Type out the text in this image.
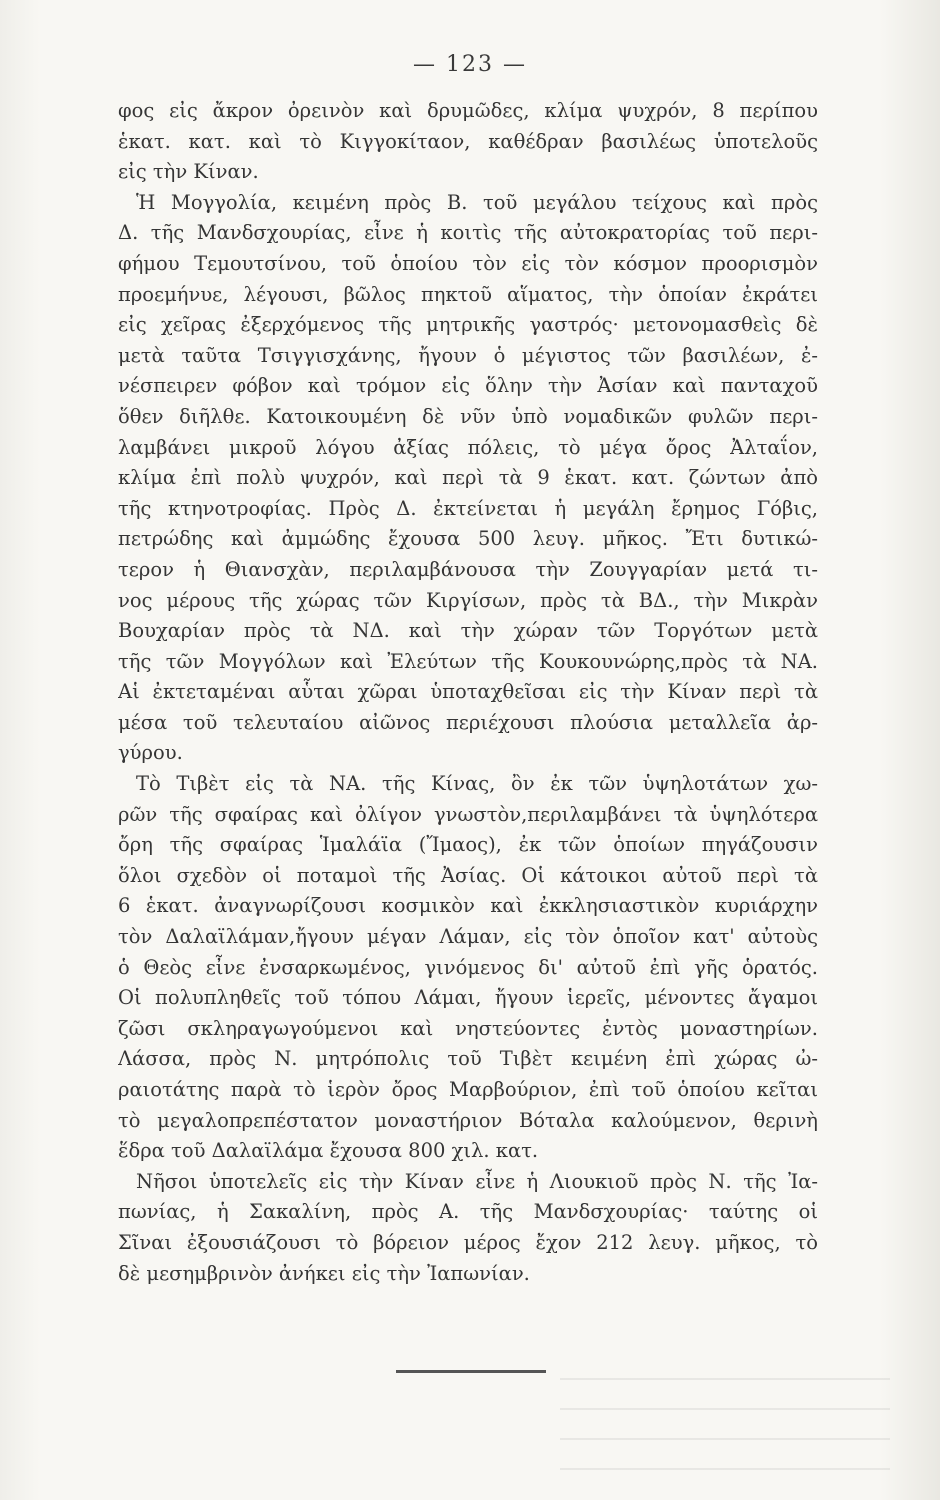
— 123 —
φος εἰς ἄκρον ὀρεινὸν καὶ δρυμῶδες, κλίμα ψυχρόν, 8 περίπου
ἑκατ. κατ. καὶ τὸ Κιγγοκίταον, καθέδραν βασιλέως ὑποτελοῦς
εἰς τὴν Κίναν.
Ἡ Μογγολία, κειμένη πρὸς Β. τοῦ μεγάλου τείχους καὶ πρὸς
Δ. τῆς Μανδσχουρίας, εἶνε ἡ κοιτὶς τῆς αὐτοκρατορίας τοῦ περι-
φήμου Τεμουτσίνου, τοῦ ὁποίου τὸν εἰς τὸν κόσμον προορισμὸν
προεμήνυε, λέγουσι, βῶλος πηκτοῦ αἵματος, τὴν ὁποίαν ἐκράτει
εἰς χεῖρας ἐξερχόμενος τῆς μητρικῆς γαστρός· μετονομασθεὶς δὲ
μετὰ ταῦτα Τσιγγισχάνης, ἤγουν ὁ μέγιστος τῶν βασιλέων, ἐ-
νέσπειρεν φόβον καὶ τρόμον εἰς ὅλην τὴν Ἀσίαν καὶ πανταχοῦ
ὅθεν διῆλθε. Κατοικουμένη δὲ νῦν ὑπὸ νομαδικῶν φυλῶν περι-
λαμβάνει μικροῦ λόγου ἀξίας πόλεις, τὸ μέγα ὄρος Ἀλταΐον,
κλίμα ἐπὶ πολὺ ψυχρόν, καὶ περὶ τὰ 9 ἑκατ. κατ. ζώντων ἀπὸ
τῆς κτηνοτροφίας. Πρὸς Δ. ἐκτείνεται ἡ μεγάλη ἔρημος Γόβις,
πετρώδης καὶ ἀμμώδης ἔχουσα 500 λευγ. μῆκος. Ἔτι δυτικώ-
τερον ἡ Θιανσχὰν, περιλαμβάνουσα τὴν Ζουγγαρίαν μετά τι-
νος μέρους τῆς χώρας τῶν Κιργίσων, πρὸς τὰ ΒΔ., τὴν Μικρὰν
Βουχαρίαν πρὸς τὰ ΝΔ. καὶ τὴν χώραν τῶν Τοργότων μετὰ
τῆς τῶν Μογγόλων καὶ Ἐλεύτων τῆς Κουκουνώρης,πρὸς τὰ ΝΑ.
Αἱ ἐκτεταμέναι αὗται χῶραι ὑποταχθεῖσαι εἰς τὴν Κίναν περὶ τὰ
μέσα τοῦ τελευταίου αἰῶνος περιέχουσι πλούσια μεταλλεῖα ἀρ-
γύρου.
Τὸ Τιβὲτ εἰς τὰ ΝΑ. τῆς Κίνας, ὂν ἐκ τῶν ὑψηλοτάτων χω-
ρῶν τῆς σφαίρας καὶ ὀλίγον γνωστὸν,περιλαμβάνει τὰ ὑψηλότερα
ὄρη τῆς σφαίρας Ἱμαλάϊα (Ἴμαος), ἐκ τῶν ὁποίων πηγάζουσιν
ὅλοι σχεδὸν οἱ ποταμοὶ τῆς Ἀσίας. Οἱ κάτοικοι αὐτοῦ περὶ τὰ
6 ἑκατ. ἀναγνωρίζουσι κοσμικὸν καὶ ἐκκλησιαστικὸν κυριάρχην
τὸν Δαλαϊλάμαν,ἤγουν μέγαν Λάμαν, εἰς τὸν ὁποῖον κατ' αὐτοὺς
ὁ Θεὸς εἶνε ἐνσαρκωμένος, γινόμενος δι' αὐτοῦ ἐπὶ γῆς ὁρατός.
Οἱ πολυπληθεῖς τοῦ τόπου Λάμαι, ἤγουν ἱερεῖς, μένοντες ἄγαμοι
ζῶσι σκληραγωγούμενοι καὶ νηστεύοντες ἐντὸς μοναστηρίων.
Λάσσα, πρὸς Ν. μητρόπολις τοῦ Τιβὲτ κειμένη ἐπὶ χώρας ὠ-
ραιοτάτης παρὰ τὸ ἱερὸν ὄρος Μαρβούριον, ἐπὶ τοῦ ὁποίου κεῖται
τὸ μεγαλοπρεπέστατον μοναστήριον Βόταλα καλούμενον, θερινὴ
ἕδρα τοῦ Δαλαϊλάμα ἔχουσα 800 χιλ. κατ.
Νῆσοι ὑποτελεῖς εἰς τὴν Κίναν εἶνε ἡ Λιουκιοῦ πρὸς Ν. τῆς Ἰα-
πωνίας, ἡ Σακαλίνη, πρὸς Α. τῆς Μανδσχουρίας· ταύτης οἱ
Σῖναι ἐξουσιάζουσι τὸ βόρειον μέρος ἔχον 212 λευγ. μῆκος, τὸ
δὲ μεσημβρινὸν ἀνήκει εἰς τὴν Ἰαπωνίαν.
